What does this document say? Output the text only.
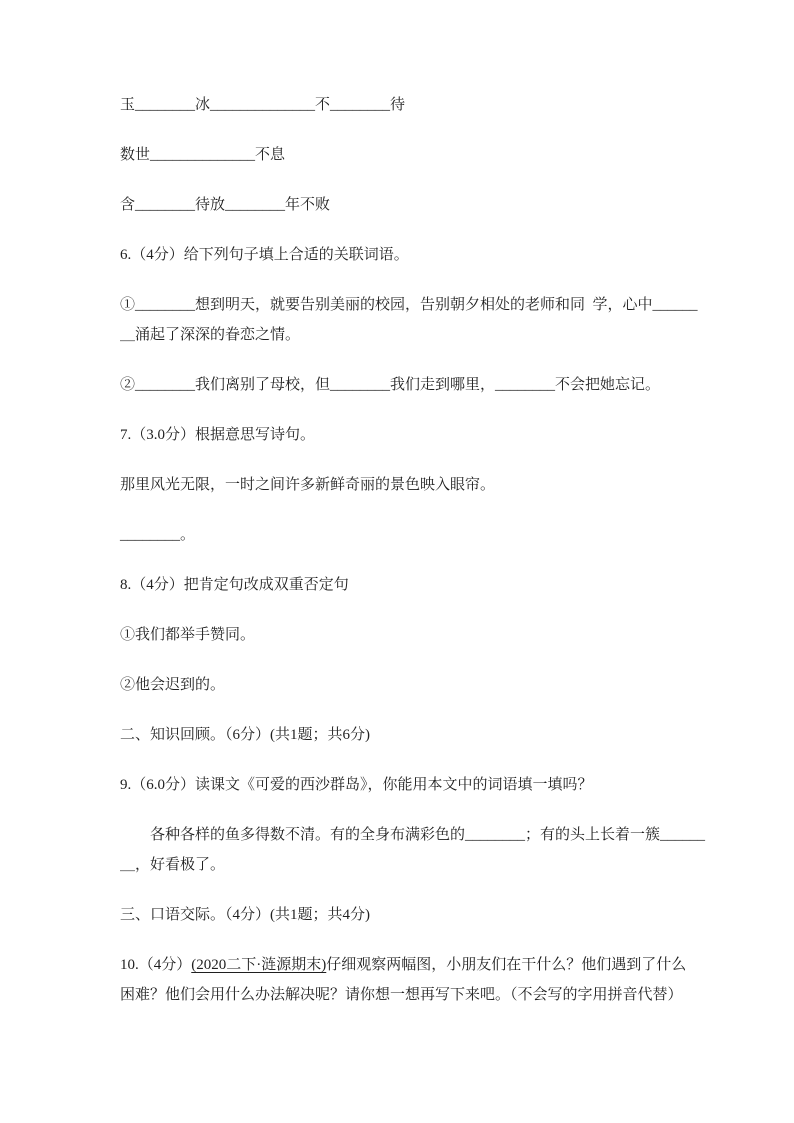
玉________冰______________不________待

数世______________不息

含________待放________年不败

6.（4分）给下列句子填上合适的关联词语。

①________想到明天，就要告别美丽的校园，告别朝夕相处的老师和同  学，心中______

＿涌起了深深的眷恋之情。

②________我们离别了母校，但________我们走到哪里，________不会把她忘记。

7.（3.0分）根据意思写诗句。

那里风光无限，一时之间许多新鲜奇丽的景色映入眼帘。

________。

8.（4分）把肯定句改成双重否定句

①我们都举手赞同。

②他会迟到的。

二、知识回顾。（6分）(共1题；共6分)

9.（6.0分）读课文《可爱的西沙群岛》，你能用本文中的词语填一填吗？

各种各样的鱼多得数不清。有的全身布满彩色的________；有的头上长着一簇______

＿，好看极了。

三、口语交际。（4分）(共1题；共4分)

10.（4分）(2020二下·涟源期末)仔细观察两幅图，小朋友们在干什么？他们遇到了什么

困难？他们会用什么办法解决呢？请你想一想再写下来吧。（不会写的字用拼音代替）
